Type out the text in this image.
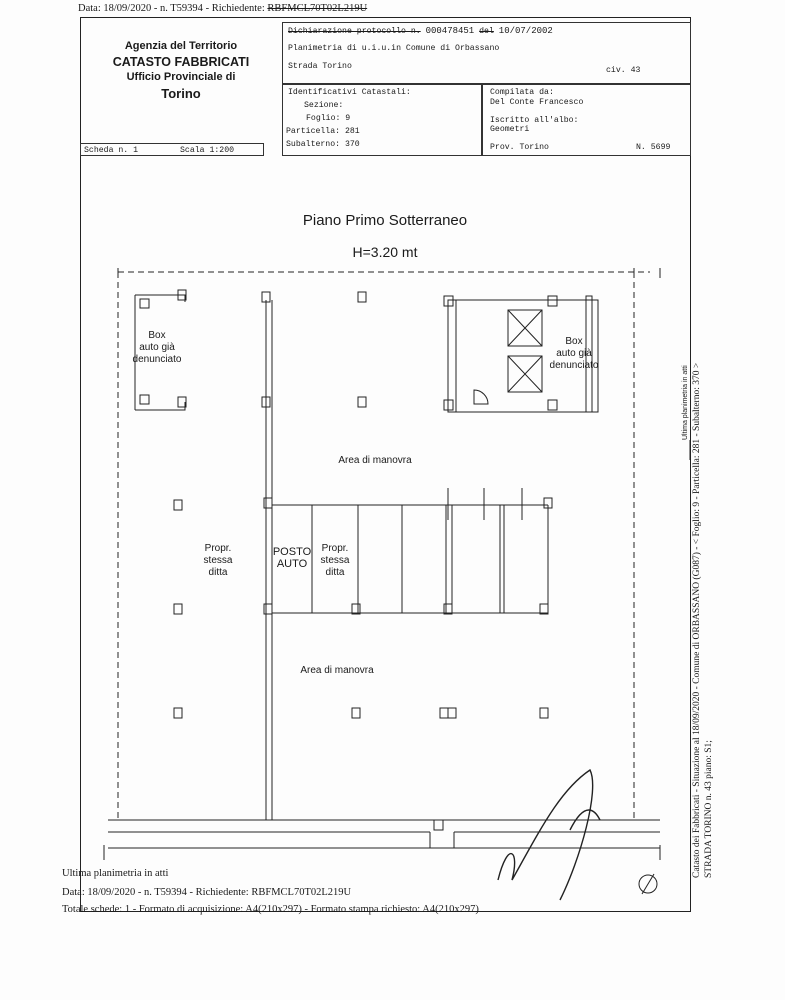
Data: 18/09/2020 - n. T59394 - Richiedente: RBFMCL70T02L219U
Agenzia del Territorio
CATASTO FABBRICATI
Ufficio Provinciale di
Torino
Dichiarazione protocollo n. 000478451 del 10/07/2002
Planimetria di u.i.u.in Comune di Orbassano
Strada Torino	civ. 43
Identificativi Catastali:
Sezione:
Foglio: 9
Particella: 281
Subalterno: 370
Compilata da:
Del Conte Francesco
Iscritto all'albo:
Geometri
Prov. Torino	N. 5699
Scheda n. 1	Scala 1:200
Piano Primo Sotterraneo
H=3.20 mt
Box
auto già
denunciato
Box
auto già
denunciato
Area di manovra
Area di manovra
Propr.
stessa
ditta
POSTO
AUTO
Propr.
stessa
ditta
Ultima planimetria in atti Catasto dei Fabbricati - Situazione al 18/09/2020 - Comune di ORBASSANO (G087) - < Foglio: 9 - Particella: 281 - Subalterno: 370 > STRADA TORINO n. 43 piano: S1;
Ultima planimetria in atti
Data: 18/09/2020 - n. T59394 - Richiedente: RBFMCL70T02L219U
Totale schede: 1 - Formato di acquisizione: A4(210x297) - Formato stampa richiesto: A4(210x297)
